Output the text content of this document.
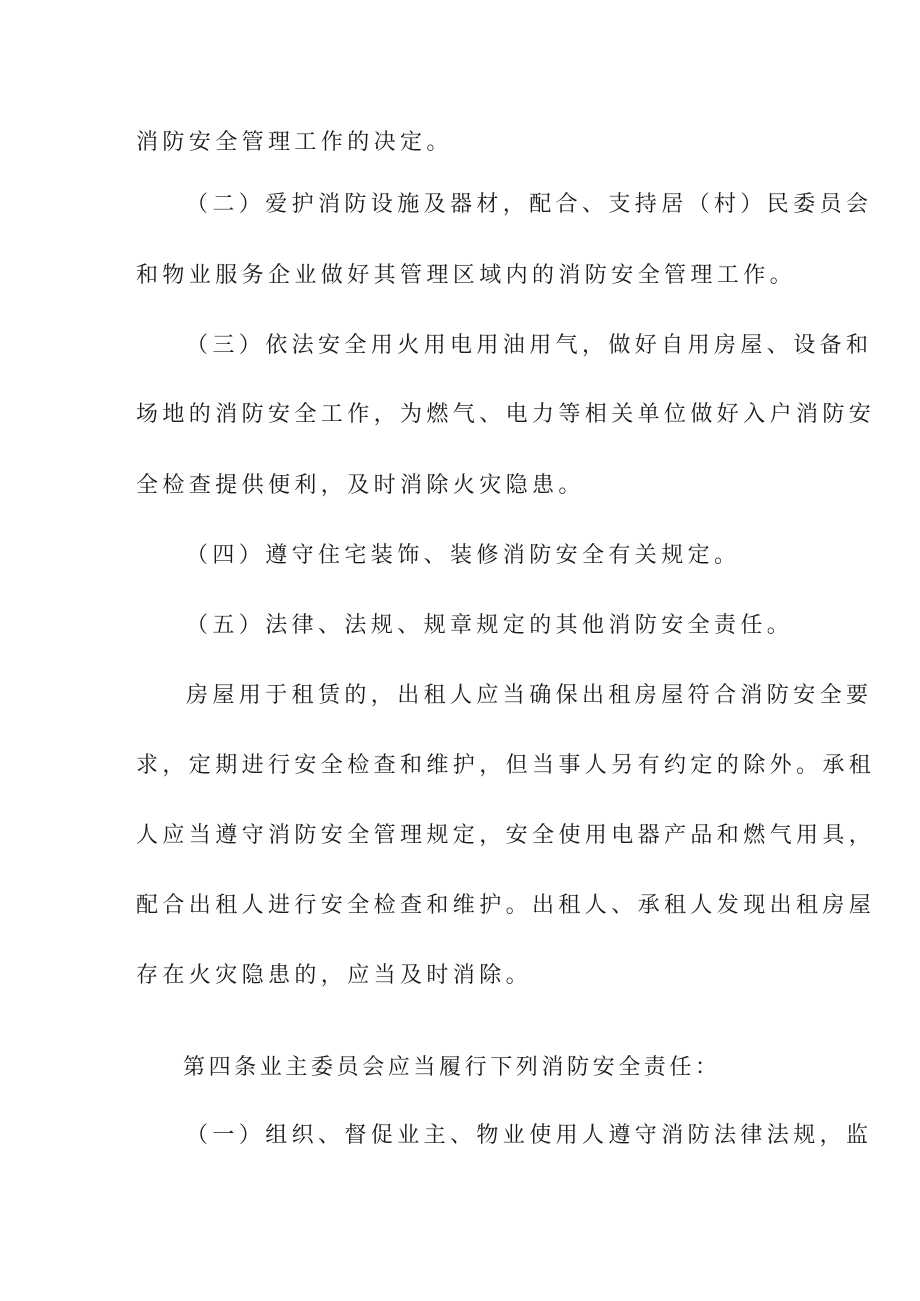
消防安全管理工作的决定。
（二）爱护消防设施及器材，配合、支持居（村）民委员会
和物业服务企业做好其管理区域内的消防安全管理工作。
（三）依法安全用火用电用油用气，做好自用房屋、设备和
场地的消防安全工作，为燃气、电力等相关单位做好入户消防安
全检查提供便利，及时消除火灾隐患。
（四）遵守住宅装饰、装修消防安全有关规定。
（五）法律、法规、规章规定的其他消防安全责任。
房屋用于租赁的，出租人应当确保出租房屋符合消防安全要
求，定期进行安全检查和维护，但当事人另有约定的除外。承租
人应当遵守消防安全管理规定，安全使用电器产品和燃气用具，
配合出租人进行安全检查和维护。出租人、承租人发现出租房屋
存在火灾隐患的，应当及时消除。
第四条业主委员会应当履行下列消防安全责任：
（一）组织、督促业主、物业使用人遵守消防法律法规，监
